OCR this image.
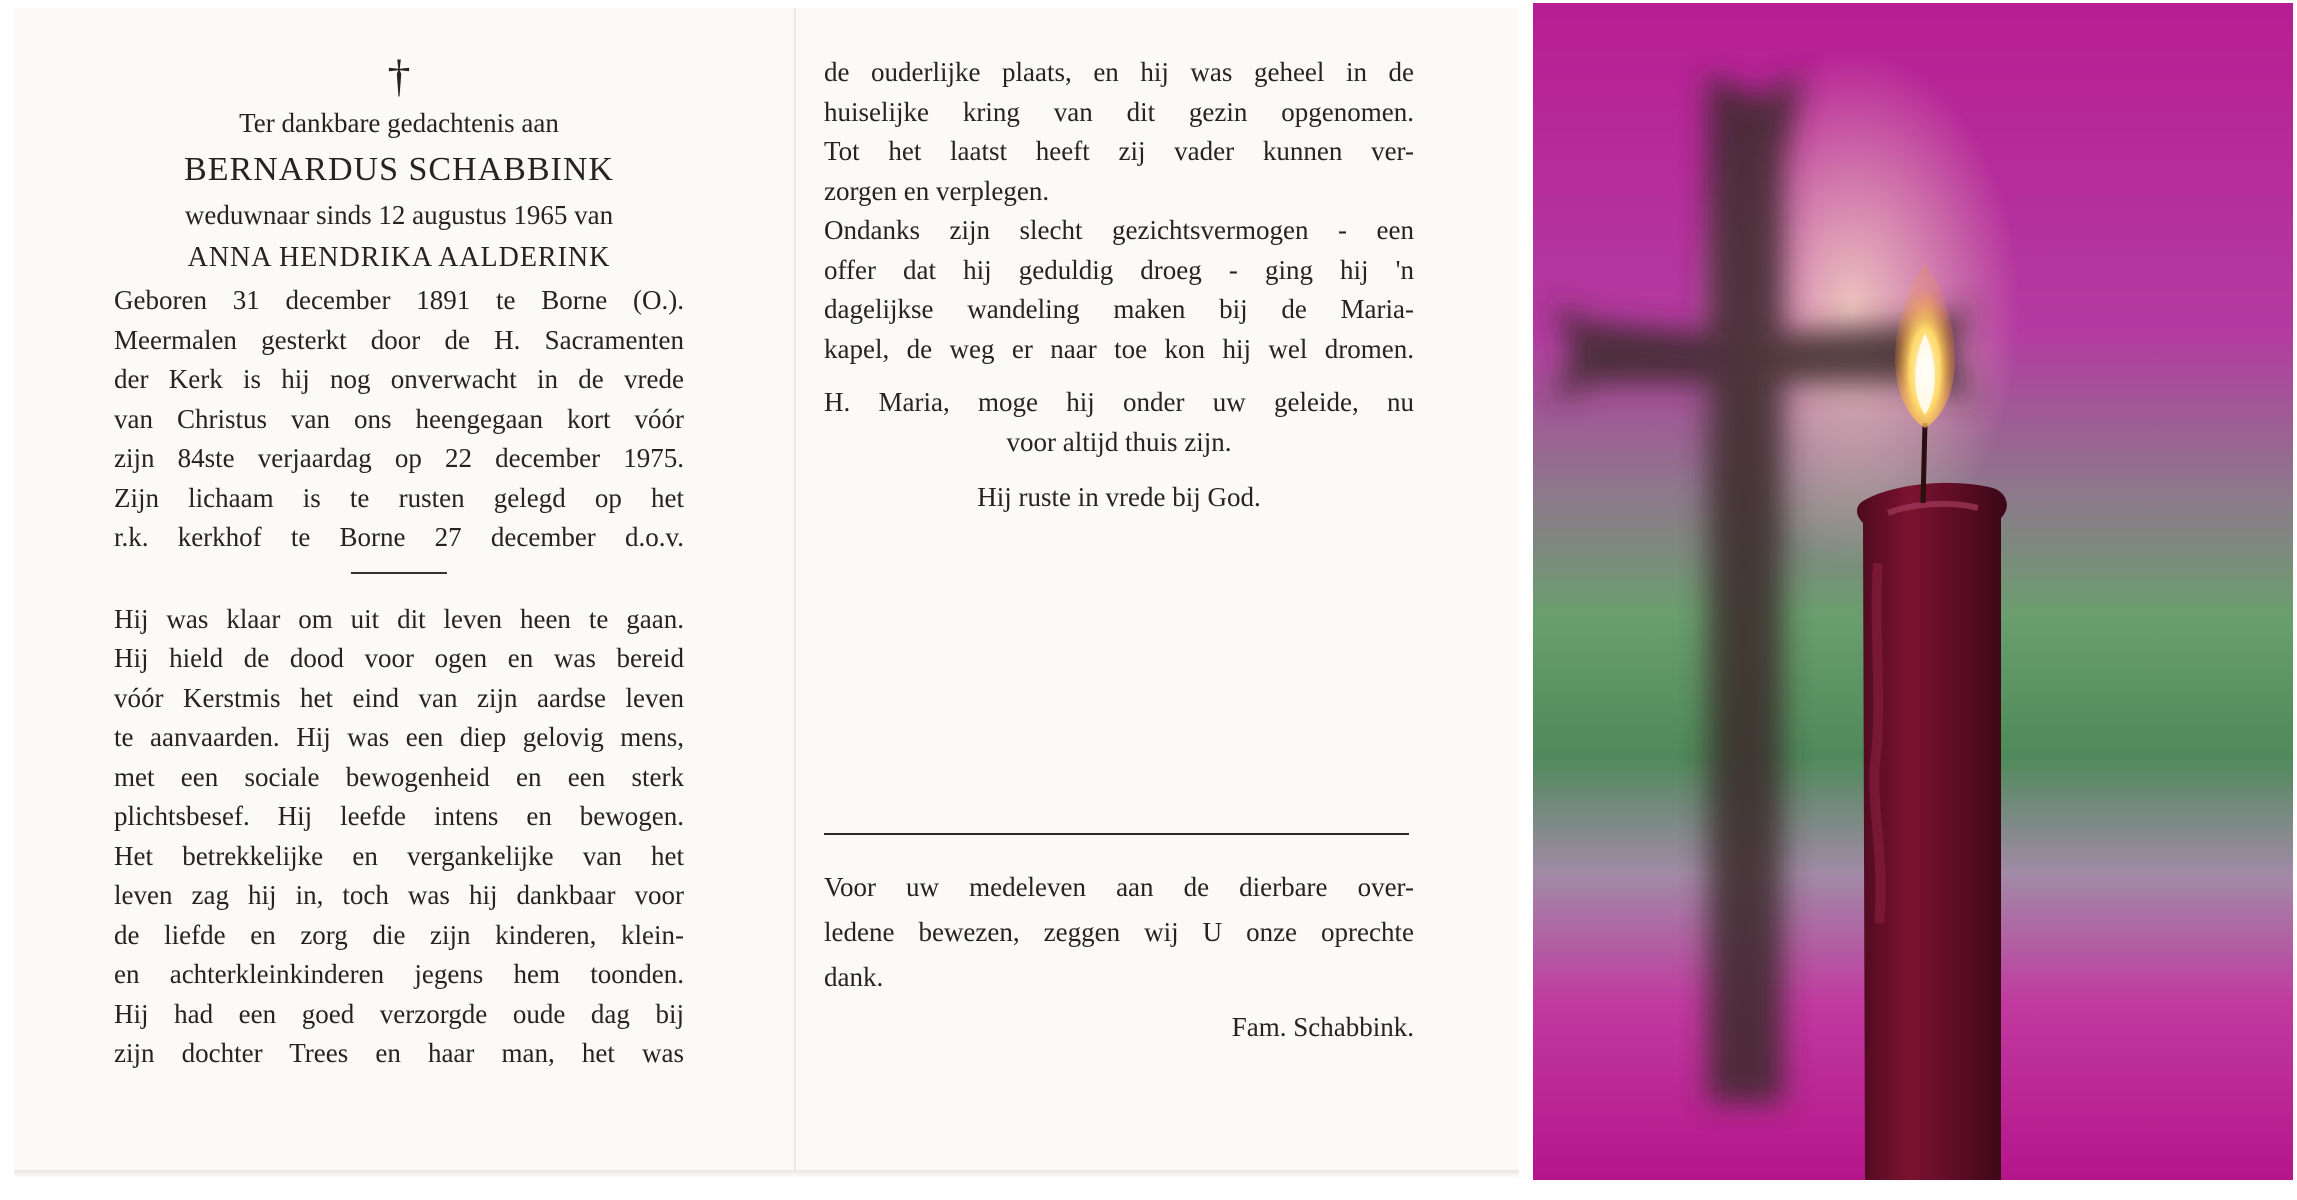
†
Ter dankbare gedachtenis aan
BERNARDUS SCHABBINK
weduwnaar sinds 12 augustus 1965 van
ANNA HENDRIKA AALDERINK
Geboren 31 december 1891 te Borne (O.).
Meermalen gesterkt door de H. Sacramenten
der Kerk is hij nog onverwacht in de vrede
van Christus van ons heengegaan kort vóór
zijn 84ste verjaardag op 22 december 1975.
Zijn lichaam is te rusten gelegd op het
r.k. kerkhof te Borne 27 december d.o.v.
Hij was klaar om uit dit leven heen te gaan.
Hij hield de dood voor ogen en was bereid
vóór Kerstmis het eind van zijn aardse leven
te aanvaarden. Hij was een diep gelovig mens,
met een sociale bewogenheid en een sterk
plichtsbesef. Hij leefde intens en bewogen.
Het betrekkelijke en vergankelijke van het
leven zag hij in, toch was hij dankbaar voor
de liefde en zorg die zijn kinderen, klein-
en achterkleinkinderen jegens hem toonden.
Hij had een goed verzorgde oude dag bij
zijn dochter Trees en haar man, het was
de ouderlijke plaats, en hij was geheel in de
huiselijke kring van dit gezin opgenomen.
Tot het laatst heeft zij vader kunnen ver-
zorgen en verplegen.
Ondanks zijn slecht gezichtsvermogen - een
offer dat hij geduldig droeg - ging hij 'n
dagelijkse wandeling maken bij de Maria-
kapel, de weg er naar toe kon hij wel dromen.
H. Maria, moge hij onder uw geleide, nu
voor altijd thuis zijn.
Hij ruste in vrede bij God.
Voor uw medeleven aan de dierbare over-
ledene bewezen, zeggen wij U onze oprechte
dank.
Fam. Schabbink.
